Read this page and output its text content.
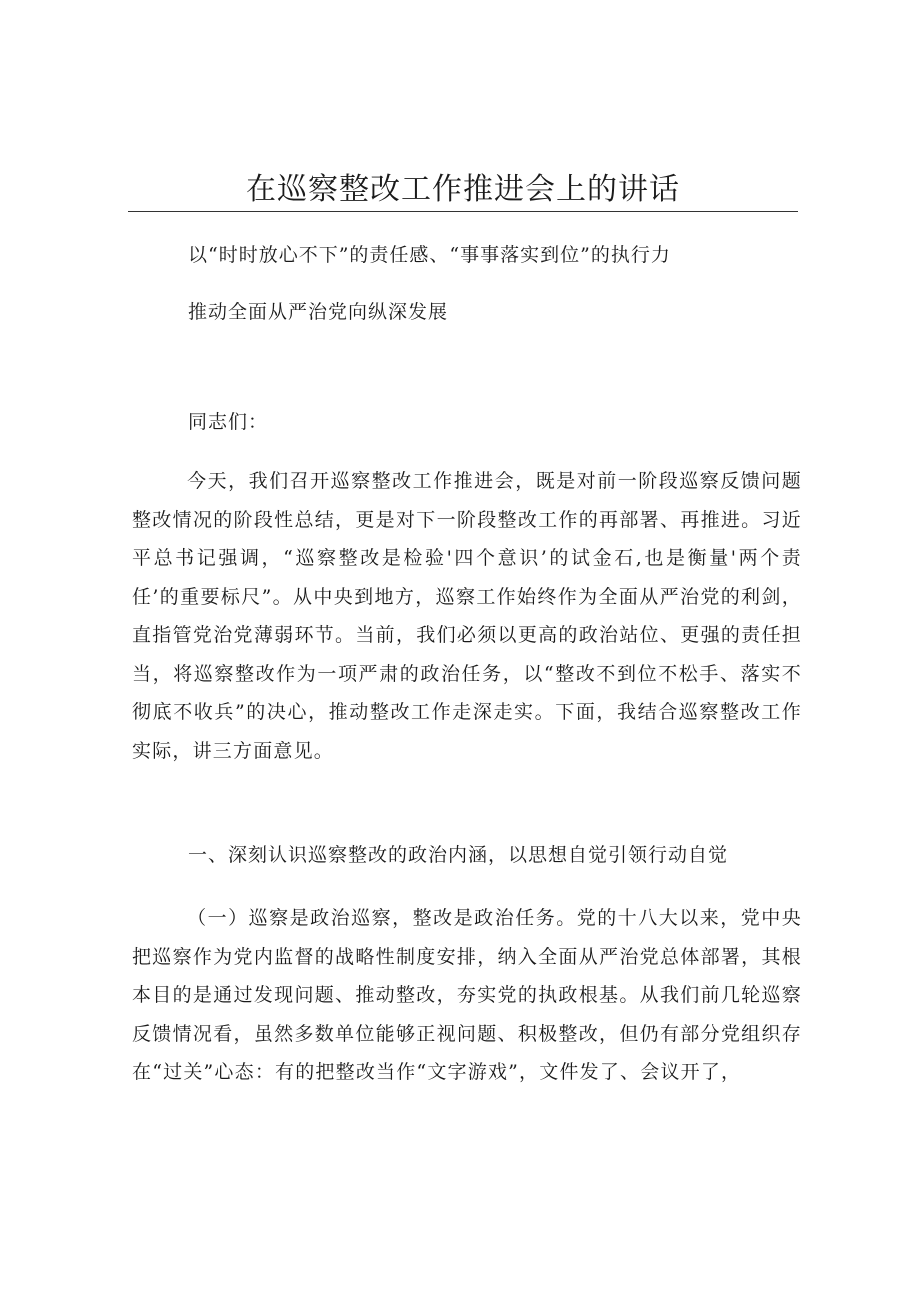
在巡察整改工作推进会上的讲话

以“时时放心不下”的责任感、“事事落实到位”的执行力

推动全面从严治党向纵深发展

同志们：

今天，我们召开巡察整改工作推进会，既是对前一阶段巡察反馈问题整改情况的阶段性总结，更是对下一阶段整改工作的再部署、再推进。习近平总书记强调，“巡察整改是检验'四个意识’的试金石,也是衡量'两个责任’的重要标尺”。从中央到地方，巡察工作始终作为全面从严治党的利剑，直指管党治党薄弱环节。当前，我们必须以更高的政治站位、更强的责任担当，将巡察整改作为一项严肃的政治任务，以“整改不到位不松手、落实不彻底不收兵”的决心，推动整改工作走深走实。下面，我结合巡察整改工作实际，讲三方面意见。

一、深刻认识巡察整改的政治内涵，以思想自觉引领行动自觉

（一）巡察是政治巡察，整改是政治任务。党的十八大以来，党中央把巡察作为党内监督的战略性制度安排，纳入全面从严治党总体部署，其根本目的是通过发现问题、推动整改，夯实党的执政根基。从我们前几轮巡察反馈情况看，虽然多数单位能够正视问题、积极整改，但仍有部分党组织存在“过关”心态：有的把整改当作“文字游戏”，文件发了、会议开了，
